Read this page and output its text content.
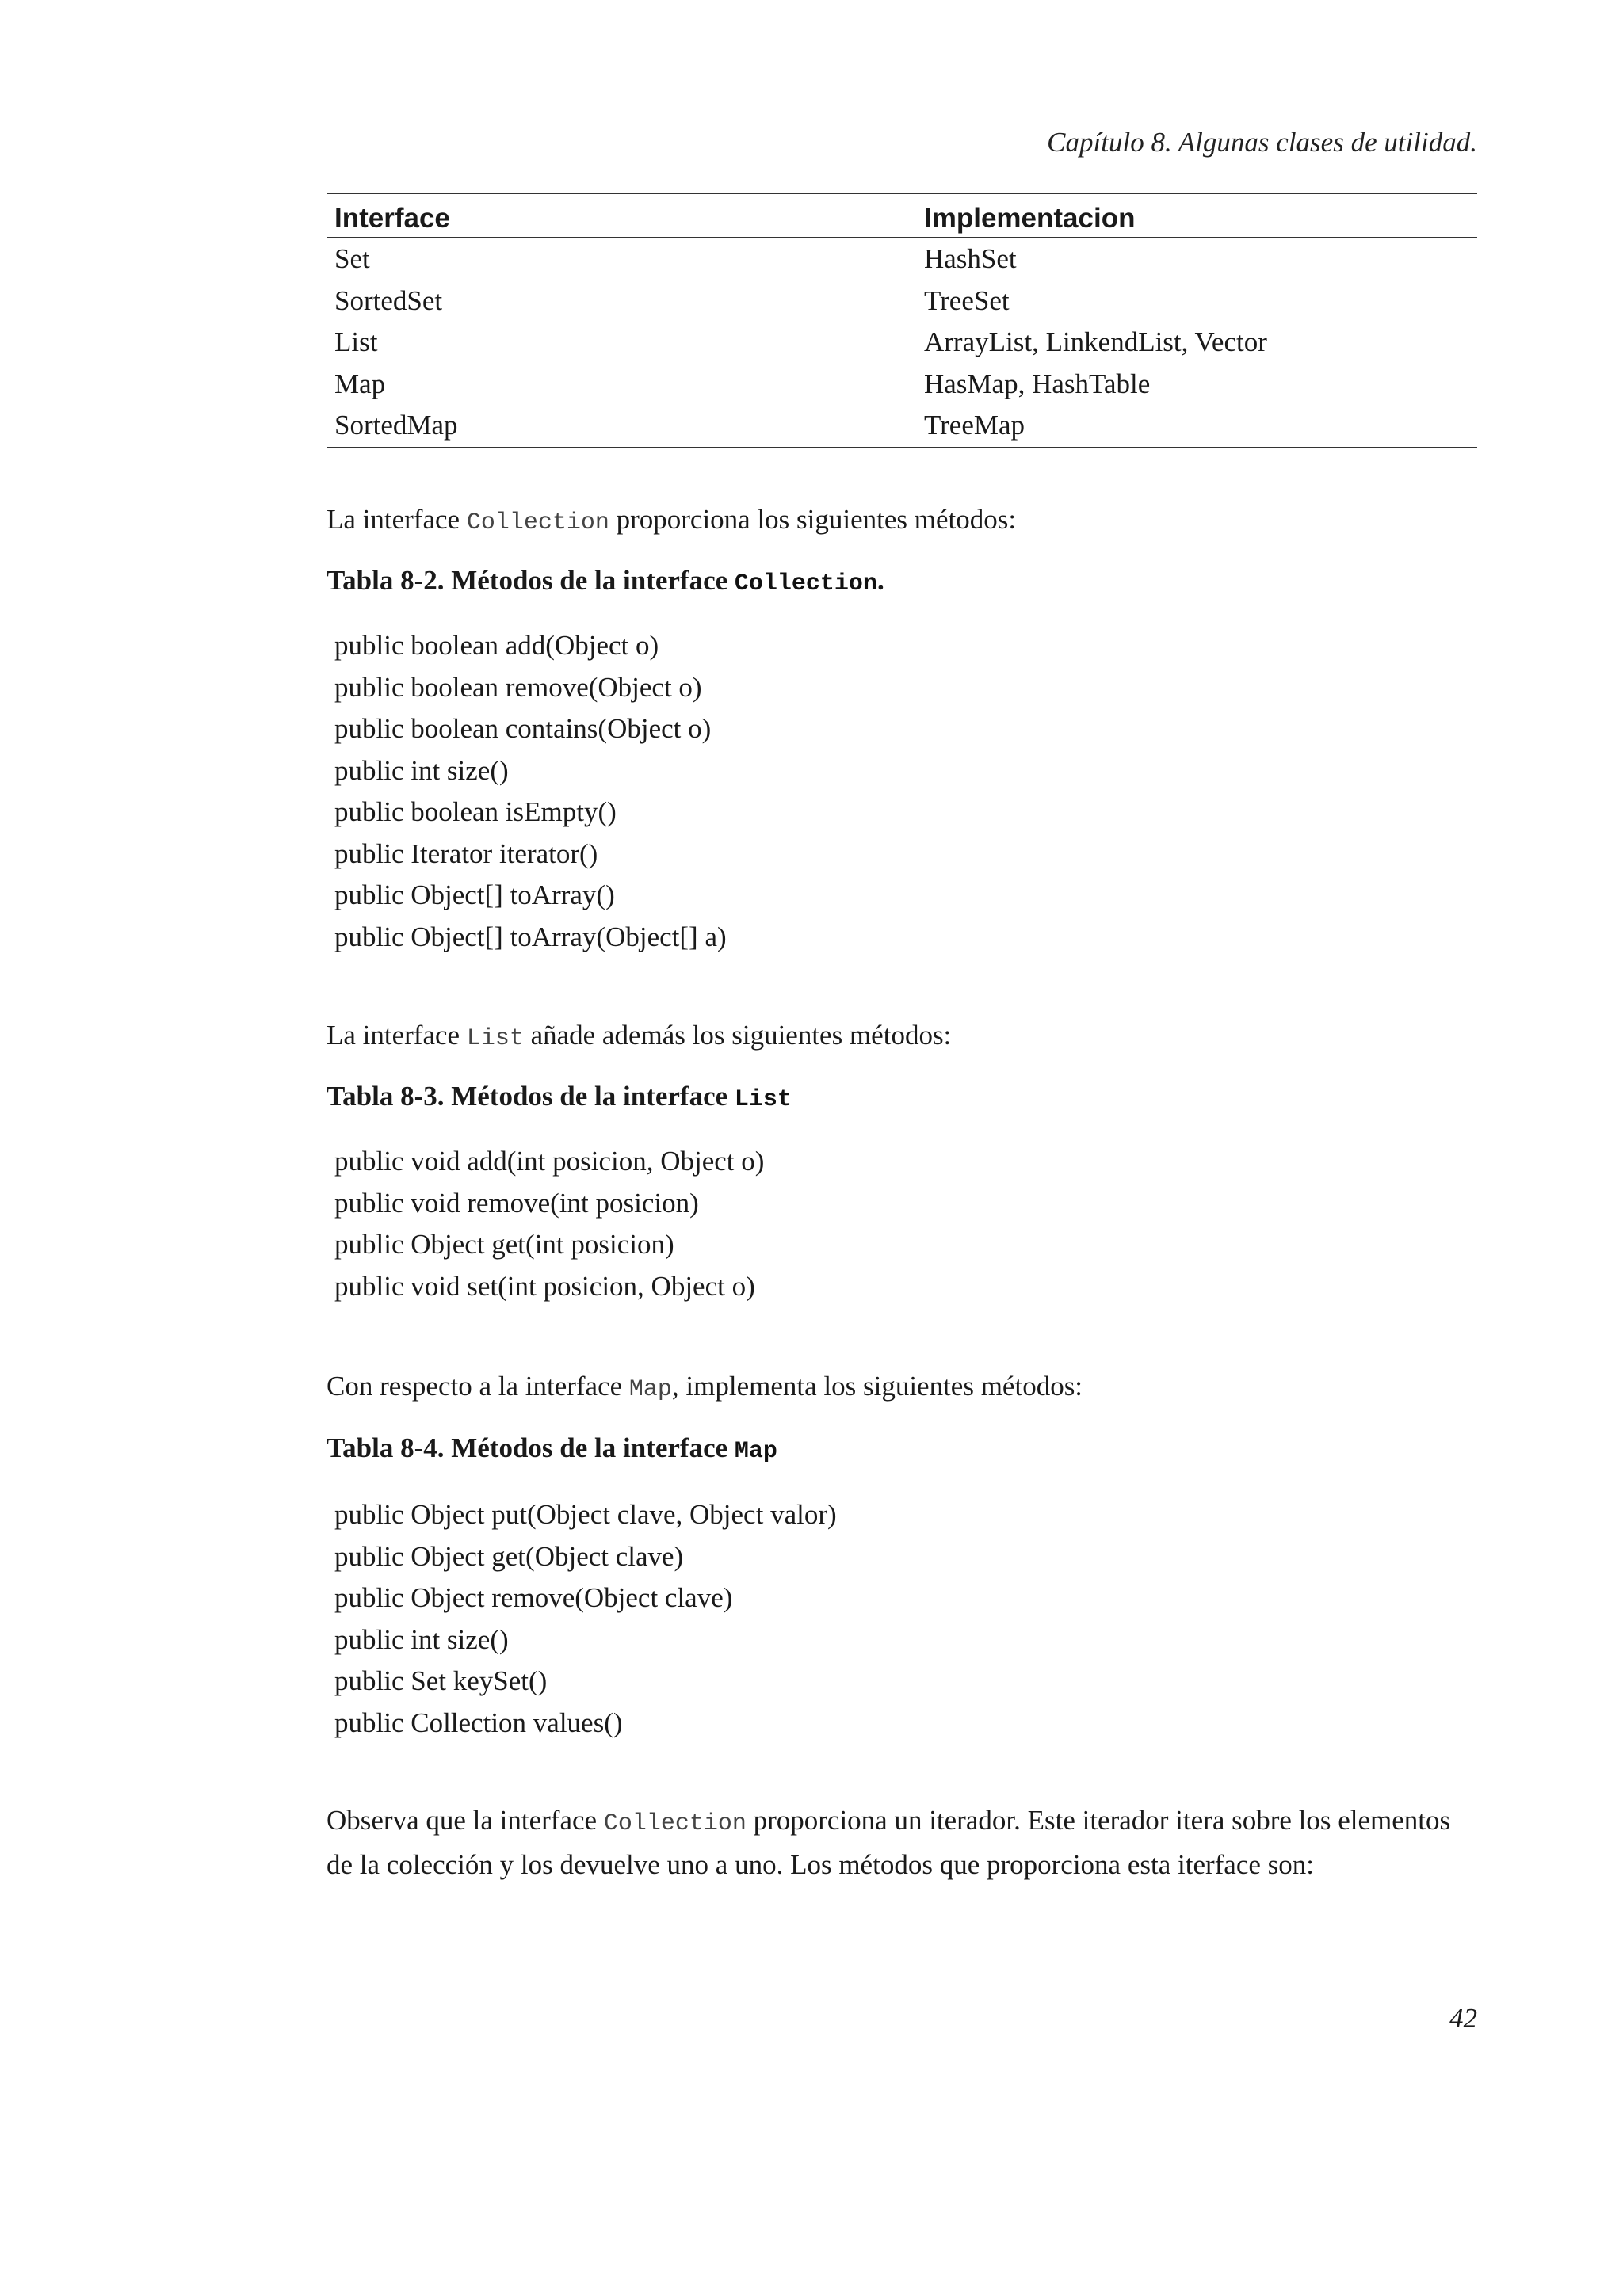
Capítulo 8. Algunas clases de utilidad.
Interface	Implementacion
Set	HashSet
SortedSet	TreeSet
List	ArrayList, LinkendList, Vector
Map	HasMap, HashTable
SortedMap	TreeMap

La interface Collection proporciona los siguientes métodos:

Tabla 8-2. Métodos de la interface Collection.
public boolean add(Object o)
public boolean remove(Object o)
public boolean contains(Object o)
public int size()
public boolean isEmpty()
public Iterator iterator()
public Object[] toArray()
public Object[] toArray(Object[] a)

La interface List añade además los siguientes métodos:

Tabla 8-3. Métodos de la interface List
public void add(int posicion, Object o)
public void remove(int posicion)
public Object get(int posicion)
public void set(int posicion, Object o)

Con respecto a la interface Map, implementa los siguientes métodos:

Tabla 8-4. Métodos de la interface Map
public Object put(Object clave, Object valor)
public Object get(Object clave)
public Object remove(Object clave)
public int size()
public Set keySet()
public Collection values()

Observa que la interface Collection proporciona un iterador. Este iterador itera sobre los elementos de la colección y los devuelve uno a uno. Los métodos que proporciona esta iterface son:

42
